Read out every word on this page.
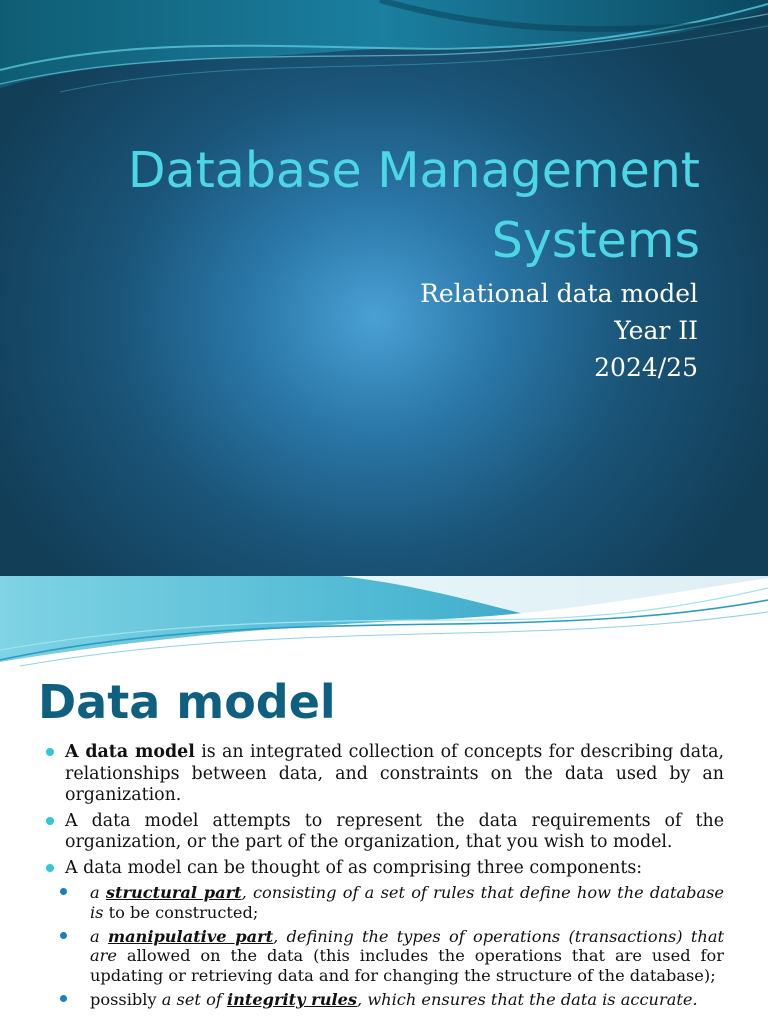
Database Management
Systems
Relational data model
Year II
2024/25
Data model
A data model is an integrated collection of concepts for describing data, relationships between data, and constraints on the data used by an organization.
A data model attempts to represent the data requirements of the organization, or the part of the organization, that you wish to model.
A data model can be thought of as comprising three components:
a structural part, consisting of a set of rules that define how the database is to be constructed;
a manipulative part, defining the types of operations (transactions) that are allowed on the data (this includes the operations that are used for updating or retrieving data and for changing the structure of the database);
possibly a set of integrity rules, which ensures that the data is accurate.
